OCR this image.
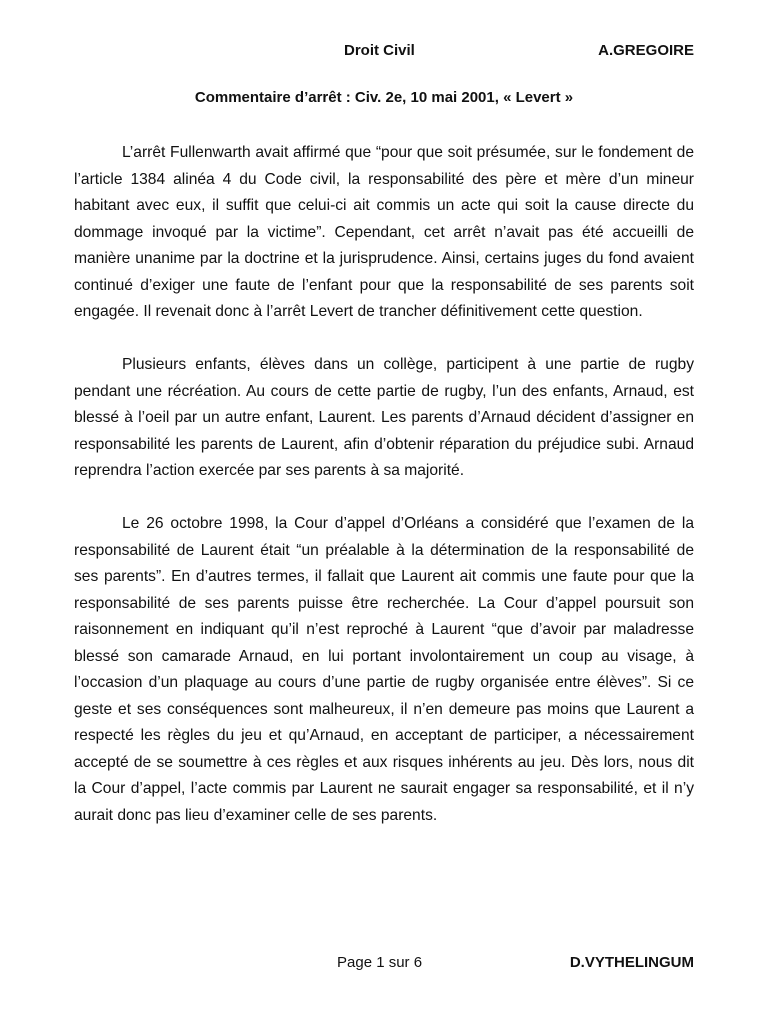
Droit Civil	A.GREGOIRE
Commentaire d’arrêt : Civ. 2e, 10 mai 2001, « Levert »

L’arrêt Fullenwarth avait affirmé que “pour que soit présumée, sur le fondement de l’article 1384 alinéa 4 du Code civil, la responsabilité des père et mère d’un mineur habitant avec eux, il suffit que celui-ci ait commis un acte qui soit la cause directe du dommage invoqué par la victime”. Cependant, cet arrêt n’avait pas été accueilli de manière unanime par la doctrine et la jurisprudence. Ainsi, certains juges du fond avaient continué d’exiger une faute de l’enfant pour que la responsabilité de ses parents soit engagée. Il revenait donc à l’arrêt Levert de trancher définitivement cette question.

Plusieurs enfants, élèves dans un collège, participent à une partie de rugby pendant une récréation. Au cours de cette partie de rugby, l’un des enfants, Arnaud, est blessé à l’oeil par un autre enfant, Laurent. Les parents d’Arnaud décident d’assigner en responsabilité les parents de Laurent, afin d’obtenir réparation du préjudice subi. Arnaud reprendra l’action exercée par ses parents à sa majorité.

Le 26 octobre 1998, la Cour d’appel d’Orléans a considéré que l’examen de la responsabilité de Laurent était “un préalable à la détermination de la responsabilité de ses parents”. En d’autres termes, il fallait que Laurent ait commis une faute pour que la responsabilité de ses parents puisse être recherchée. La Cour d’appel poursuit son raisonnement en indiquant qu’il n’est reproché à Laurent “que d’avoir par maladresse blessé son camarade Arnaud, en lui portant involontairement un coup au visage, à l’occasion d’un plaquage au cours d’une partie de rugby organisée entre élèves”. Si ce geste et ses conséquences sont malheureux, il n’en demeure pas moins que Laurent a respecté les règles du jeu et qu’Arnaud, en acceptant de participer, a nécessairement accepté de se soumettre à ces règles et aux risques inhérents au jeu. Dès lors, nous dit la Cour d’appel, l’acte commis par Laurent ne saurait engager sa responsabilité, et il n’y aurait donc pas lieu d’examiner celle de ses parents.

Page 1 sur 6	D.VYTHELINGUM
